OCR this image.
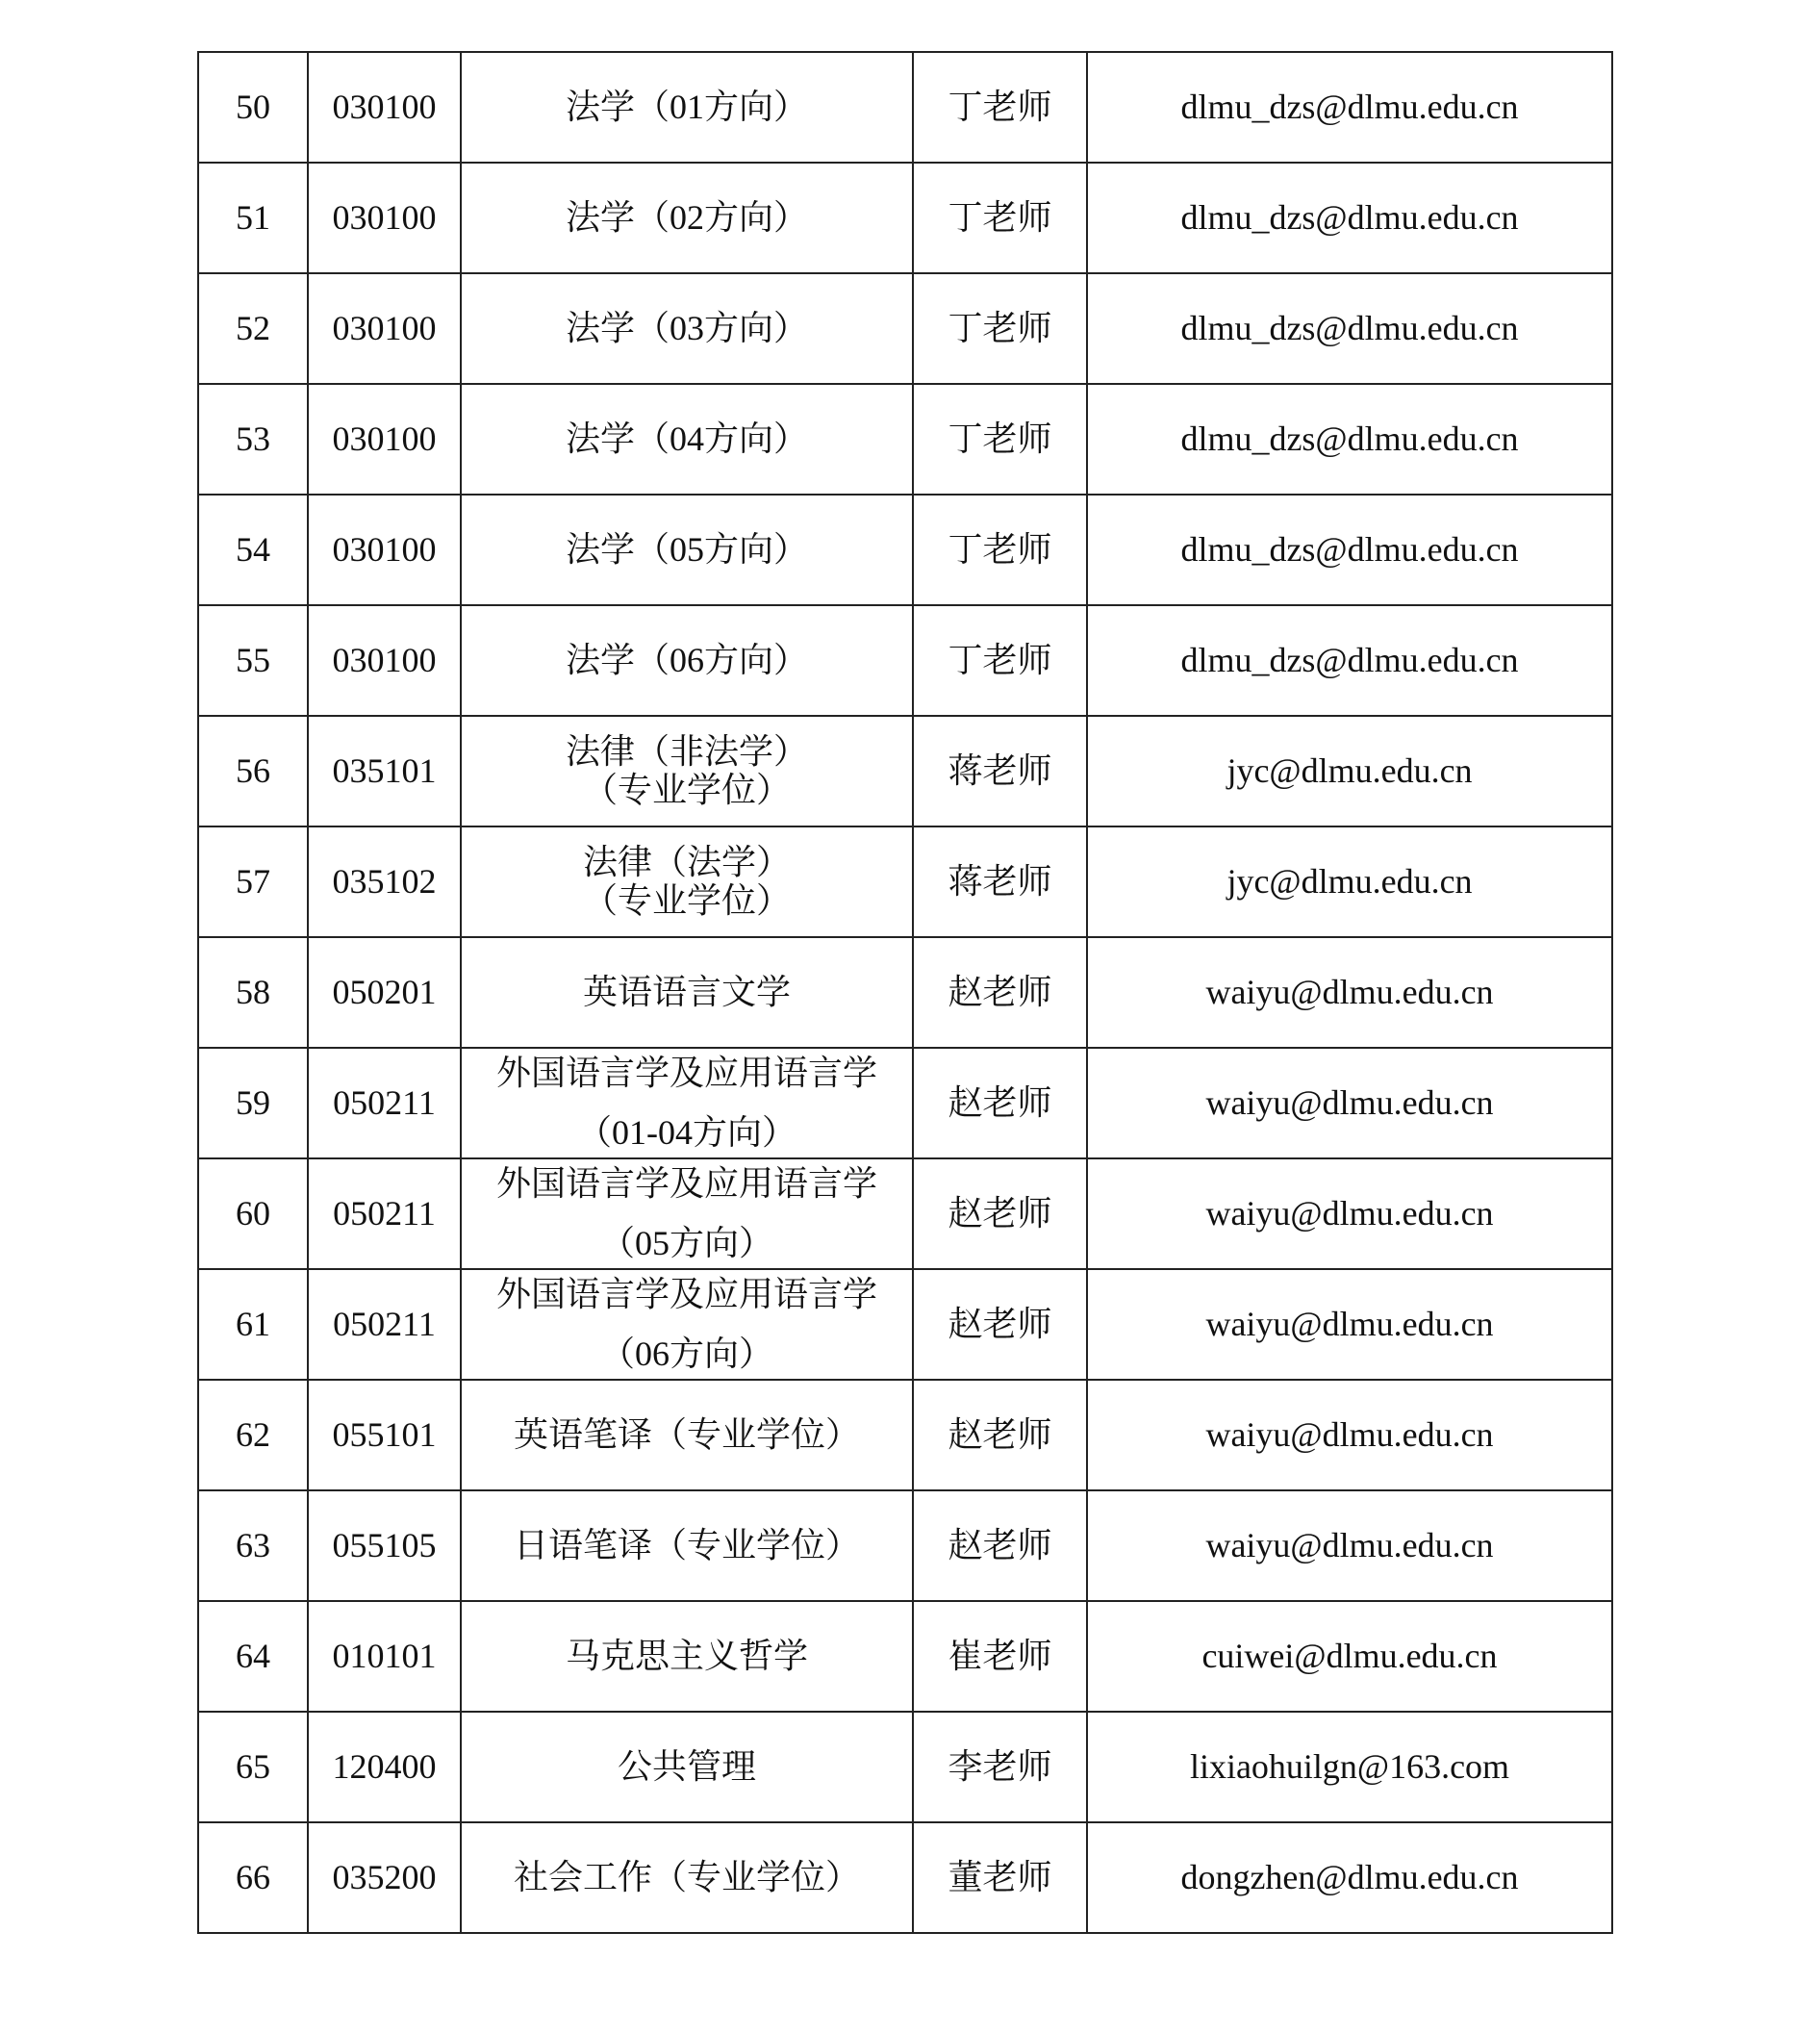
50	030100	法学（01方向）	丁老师	dlmu_dzs@dlmu.edu.cn
51	030100	法学（02方向）	丁老师	dlmu_dzs@dlmu.edu.cn
52	030100	法学（03方向）	丁老师	dlmu_dzs@dlmu.edu.cn
53	030100	法学（04方向）	丁老师	dlmu_dzs@dlmu.edu.cn
54	030100	法学（05方向）	丁老师	dlmu_dzs@dlmu.edu.cn
55	030100	法学（06方向）	丁老师	dlmu_dzs@dlmu.edu.cn
56	035101	法律（非法学）
（专业学位）	蒋老师	jyc@dlmu.edu.cn
57	035102	法律（法学）
（专业学位）	蒋老师	jyc@dlmu.edu.cn
58	050201	英语语言文学	赵老师	waiyu@dlmu.edu.cn
59	050211	外国语言学及应用语言学
（01-04方向）	赵老师	waiyu@dlmu.edu.cn
60	050211	外国语言学及应用语言学
（05方向）	赵老师	waiyu@dlmu.edu.cn
61	050211	外国语言学及应用语言学
（06方向）	赵老师	waiyu@dlmu.edu.cn
62	055101	英语笔译（专业学位）	赵老师	waiyu@dlmu.edu.cn
63	055105	日语笔译（专业学位）	赵老师	waiyu@dlmu.edu.cn
64	010101	马克思主义哲学	崔老师	cuiwei@dlmu.edu.cn
65	120400	公共管理	李老师	lixiaohuilgn@163.com
66	035200	社会工作（专业学位）	董老师	dongzhen@dlmu.edu.cn
